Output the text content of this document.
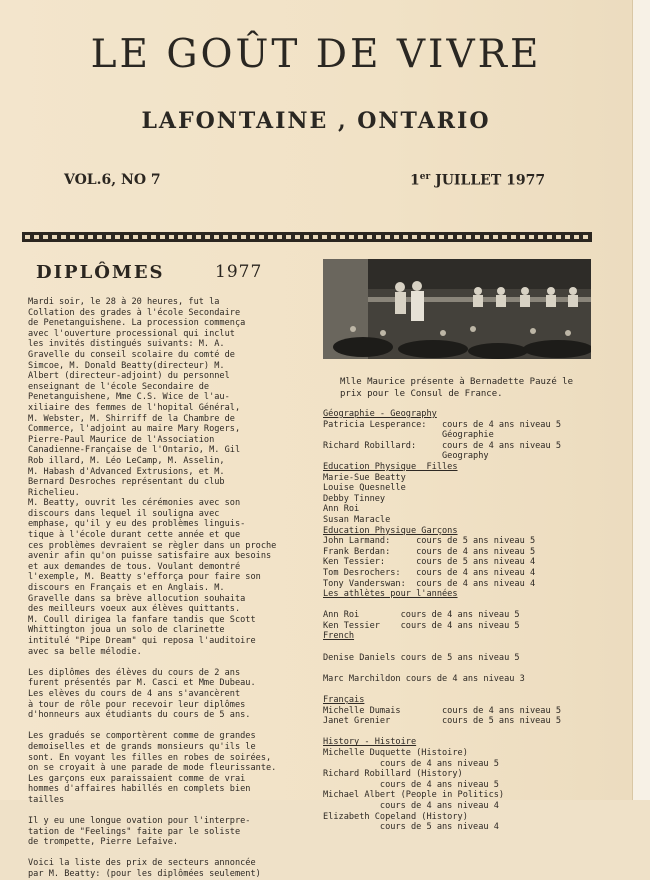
LE GOÛT DE VIVRE
LAFONTAINE , ONTARIO
VOL.6, NO 7	1er JUILLET 1977
DIPLÔMES	1977
Mlle Maurice présente à Bernadette Pauzé le
prix pour le Consul de France.
Mardi soir, le 28 à 20 heures, fut la
Collation des grades à l'école Secondaire
de Penetanguishene. La procession commença
avec l'ouverture processional qui inclut
les invités distingués suivants: M. A.
Gravelle du conseil scolaire du comté de
Simcoe, M. Donald Beatty(directeur) M.
Albert (directeur-adjoint) du personnel
enseignant de l'école Secondaire de
Penetanguishene, Mme C.S. Wice de l'au-
xiliaire des femmes de l'hopital Général,
M. Webster, M. Shirriff de la Chambre de
Commerce, l'adjoint au maire Mary Rogers,
Pierre-Paul Maurice de l'Association
Canadienne-Française de l'Ontario, M. Gil
Rob illard, M. Léo LeCamp, M. Asselin,
M. Habash d'Advanced Extrusions, et M.
Bernard Desroches représentant du club
Richelieu.
M. Beatty, ouvrit les cérémonies avec son
discours dans lequel il souligna avec
emphase, qu'il y eu des problèmes linguis-
tique à l'école durant cette année et que
ces problèmes devraient se règler dans un proche
avenir afin qu'on puisse satisfaire aux besoins
et aux demandes de tous. Voulant demontré
l'exemple, M. Beatty s'efforça pour faire son
discours en Français et en Anglais. M.
Gravelle dans sa brève allocution souhaita
des meilleurs voeux aux élèves quittants.
M. Coull dirigea la fanfare tandis que Scott
Whittington joua un solo de clarinette
intitulé "Pipe Dream" qui reposa l'auditoire
avec sa belle mélodie.

Les diplômes des élèves du cours de 2 ans
furent présentés par M. Casci et Mme Dubeau.
Les elèves du cours de 4 ans s'avancèrent
à tour de rôle pour recevoir leur diplômes
d'honneurs aux étudiants du cours de 5 ans.

Les gradués se comportèrent comme de grandes
demoiselles et de grands monsieurs qu'ils le
sont. En voyant les filles en robes de soirées,
on se croyait à une parade de mode fleurissante.
Les garçons eux paraissaient comme de vrai
hommes d'affaires habillés en complets bien
tailles

Il y eu une longue ovation pour l'interpre-
tation de "Feelings" faite par le soliste
de trompette, Pierre Lefaive.

Voici la liste des prix de secteurs annoncée
par M. Beatty: (pour les diplômées seulement)
Géographie - Geography
Patricia Lesperance:   cours de 4 ans niveau 5
Géographie
Richard Robillard:     cours de 4 ans niveau 5
Geography
Education Physique  Filles
Marie-Sue Beatty
Louise Quesnelle
Debby Tinney
Ann Roi
Susan Maracle
Education Physique Garçons
John Larmand:     cours de 5 ans niveau 5
Frank Berdan:     cours de 4 ans niveau 5
Ken Tessier:      cours de 5 ans niveau 4
Tom Desrochers:   cours de 4 ans niveau 4
Tony Vanderswan:  cours de 4 ans niveau 4
Les athlètes pour l'années

Ann Roi        cours de 4 ans niveau 5
Ken Tessier    cours de 4 ans niveau 5
French

Denise Daniels cours de 5 ans niveau 5

Marc Marchildon cours de 4 ans niveau 3

Français
Michelle Dumais        cours de 4 ans niveau 5
Janet Grenier          cours de 5 ans niveau 5

History - Histoire
Michelle Duquette (Histoire)
cours de 4 ans niveau 5
Richard Robillard (History)
cours de 4 ans niveau 5
Michael Albert (People in Politics)
cours de 4 ans niveau 4
Elizabeth Copeland (History)
cours de 5 ans niveau 4
